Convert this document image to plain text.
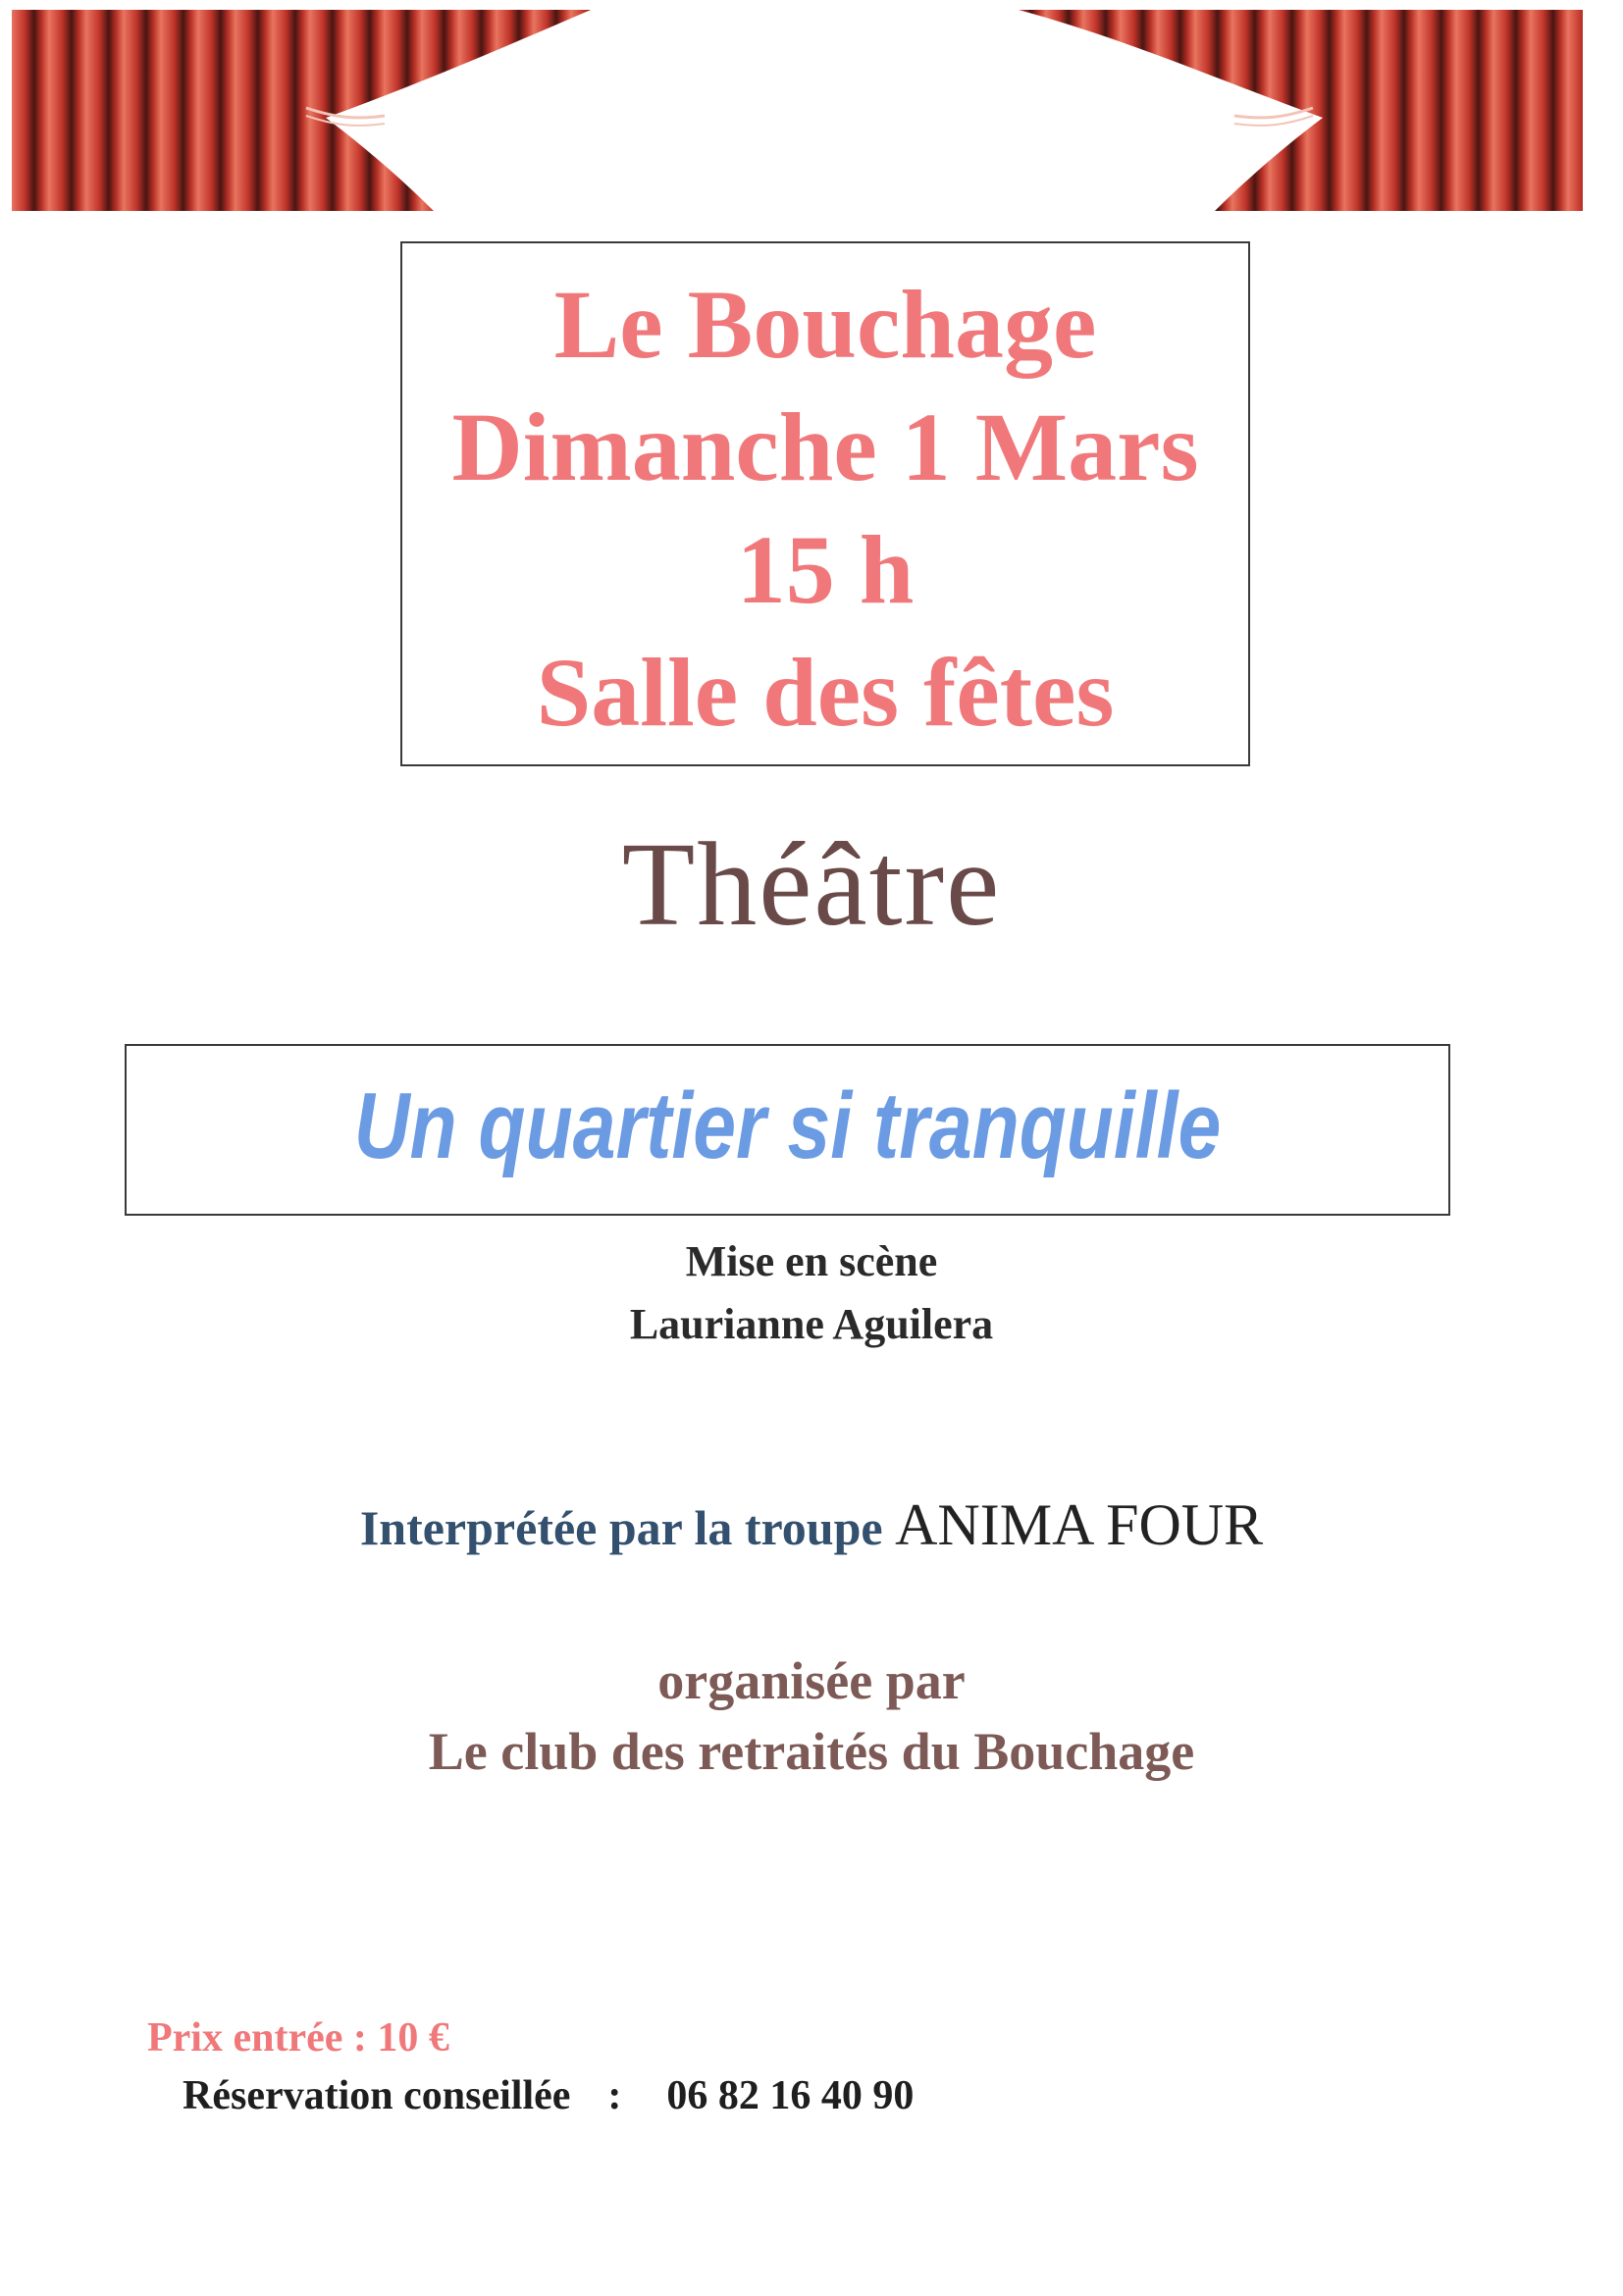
Le Bouchage
Dimanche 1 Mars
15 h
Salle des fêtes
Théâtre
Un quartier si tranquille
Mise en scène
Laurianne Aguilera
Interprétée par la troupe ANIMA FOUR
organisée par
Le club des retraités du Bouchage
Prix entrée : 10 €
Réservation conseillée : 06 82 16 40 90
